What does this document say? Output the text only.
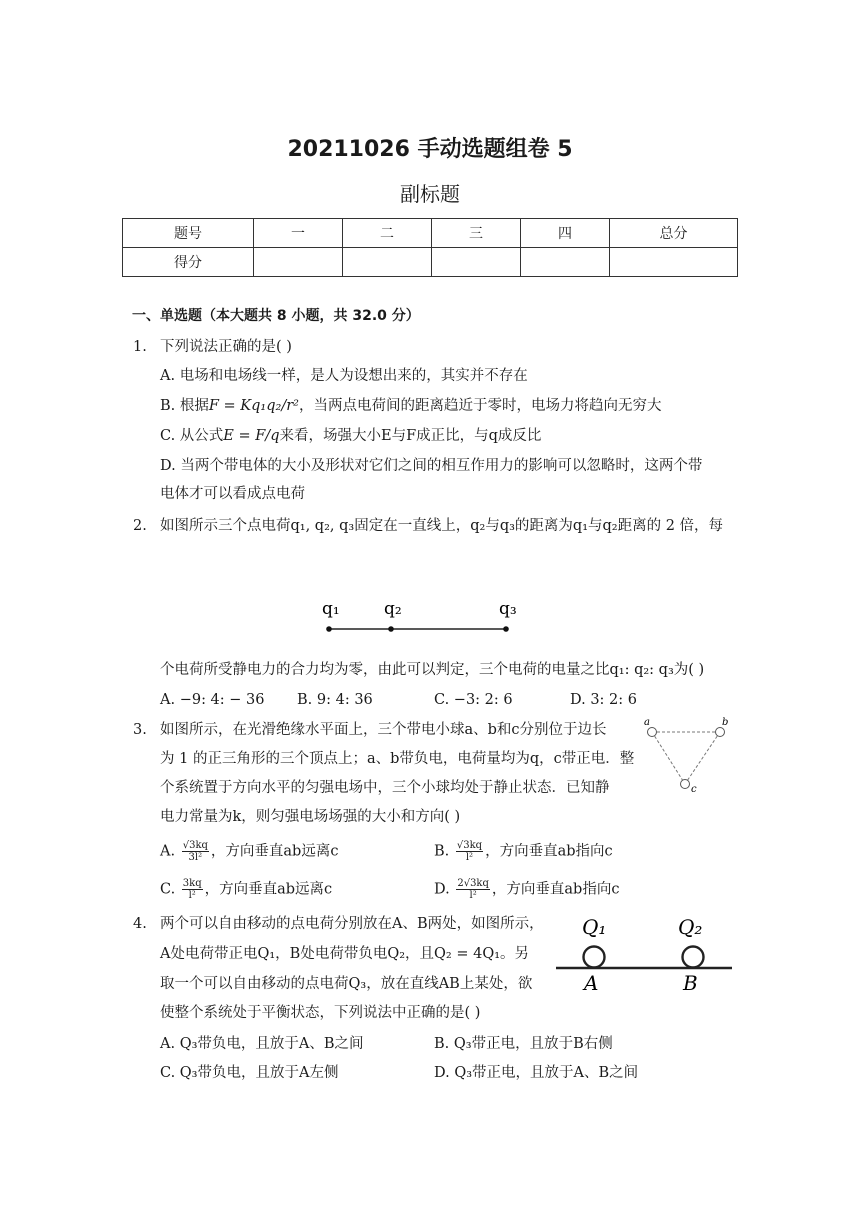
20211026 手动选题组卷 5
副标题
题号	一	二	三	四	总分
得分					
一、单选题（本大题共 8 小题，共 32.0 分）
1. 下列说法正确的是( )
A. 电场和电场线一样，是人为设想出来的，其实并不存在
B. 根据F = Kq₁q₂/r²，当两点电荷间的距离趋近于零时，电场力将趋向无穷大
C. 从公式E = F/q来看，场强大小E与F成正比，与q成反比
D. 当两个带电体的大小及形状对它们之间的相互作用力的影响可以忽略时，这两个带
电体才可以看成点电荷
2. 如图所示三个点电荷q₁, q₂, q₃固定在一直线上，q₂与q₃的距离为q₁与q₂距离的 2 倍，每
q₁	q₂	q₃
个电荷所受静电力的合力均为零，由此可以判定，三个电荷的电量之比q₁: q₂: q₃为( )
A. −9: 4: − 36 B. 9: 4: 36	C. −3: 2: 6	D. 3: 2: 6
3. 如图所示，在光滑绝缘水平面上，三个带电小球a、b和c分别位于边长
为 1 的正三角形的三个顶点上；a、b带负电，电荷量均为q，c带正电．整
个系统置于方向水平的匀强电场中，三个小球均处于静止状态．已知静
电力常量为k，则匀强电场场强的大小和方向( )
a	b
c
A. $\frac{√3kq}{\text{3l²}}$ ，方向垂直ab远离c	B. $\frac{√3kq}{\text{l²}}$ ，方向垂直ab指向c
C. $\frac{3kq}{\text{l²}}$ ，方向垂直ab远离c	D. $\frac{2√3kq}{\text{l²}}$ ，方向垂直ab指向c
4. 两个可以自由移动的点电荷分别放在A、B两处，如图所示，
A处电荷带正电Q₁，B处电荷带负电Q₂，且Q₂ = 4Q₁。另
取一个可以自由移动的点电荷Q₃，放在直线AB上某处，欲
使整个系统处于平衡状态，下列说法中正确的是( )
Q₁	Q₂
A	B
A. Q₃带负电，且放于A、B之间	B. Q₃带正电，且放于B右侧
C. Q₃带负电，且放于A左侧	D. Q₃带正电，且放于A、B之间
